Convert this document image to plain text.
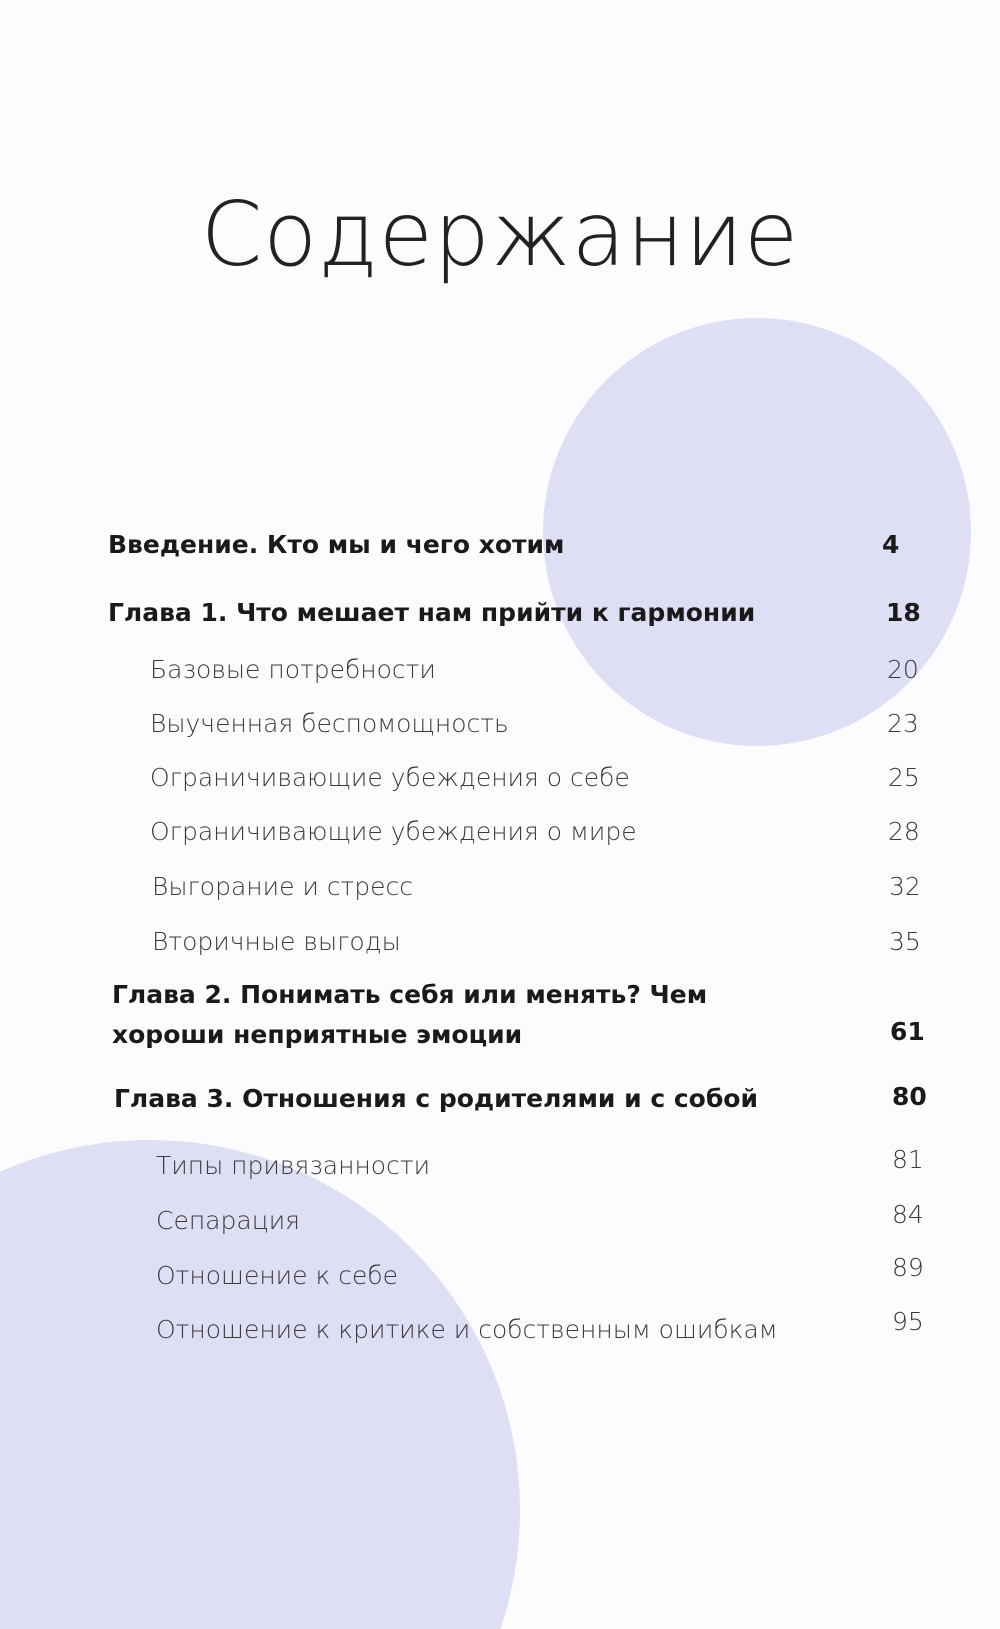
Содержание
Введение. Кто мы и чего хотим	4
Глава 1. Что мешает нам прийти к гармонии	18
Базовые потребности	20
Выученная беспомощность	23
Ограничивающие убеждения о себе	25
Ограничивающие убеждения о мире	28
Выгорание и стресс	32
Вторичные выгоды	35
Глава 2. Понимать себя или менять? Чем хороши неприятные эмоции	61
Глава 3. Отношения с родителями и с собой	80
Типы привязанности	81
Сепарация	84
Отношение к себе	89
Отношение к критике и собственным ошибкам	95
